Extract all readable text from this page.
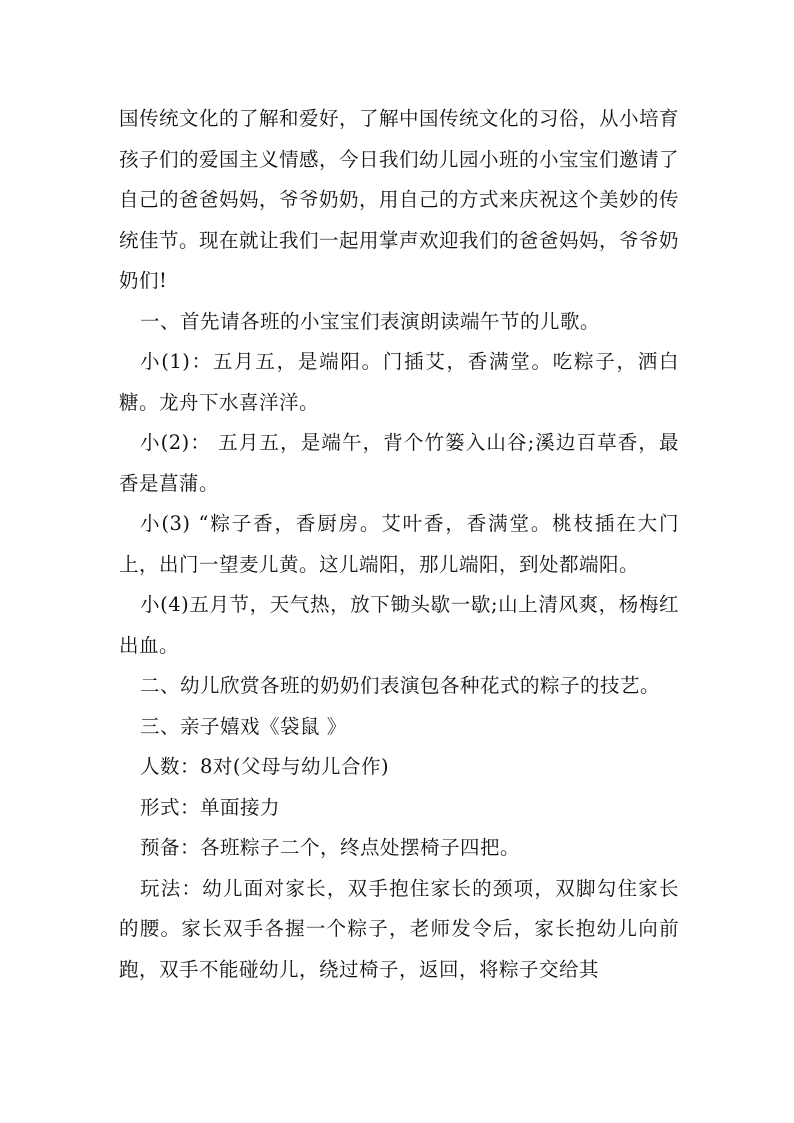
国传统文化的了解和爱好，了解中国传统文化的习俗，从小培育孩子们的爱国主义情感，今日我们幼儿园小班的小宝宝们邀请了自己的爸爸妈妈，爷爷奶奶，用自己的方式来庆祝这个美妙的传统佳节。现在就让我们一起用掌声欢迎我们的爸爸妈妈，爷爷奶奶们!

一、首先请各班的小宝宝们表演朗读端午节的儿歌。

小(1)：五月五，是端阳。门插艾，香满堂。吃粽子，洒白糖。龙舟下水喜洋洋。

小(2)： 五月五，是端午，背个竹篓入山谷;溪边百草香，最香是菖蒲。

小(3) “粽子香，香厨房。艾叶香，香满堂。桃枝插在大门上，出门一望麦儿黄。这儿端阳，那儿端阳，到处都端阳。

小(4)五月节，天气热，放下锄头歇一歇;山上清风爽，杨梅红出血。

二、幼儿欣赏各班的奶奶们表演包各种花式的粽子的技艺。

三、亲子嬉戏《袋鼠 》

人数：8对(父母与幼儿合作)

形式：单面接力

预备：各班粽子二个，终点处摆椅子四把。

玩法：幼儿面对家长，双手抱住家长的颈项，双脚勾住家长的腰。家长双手各握一个粽子，老师发令后，家长抱幼儿向前跑，双手不能碰幼儿，绕过椅子，返回，将粽子交给其
